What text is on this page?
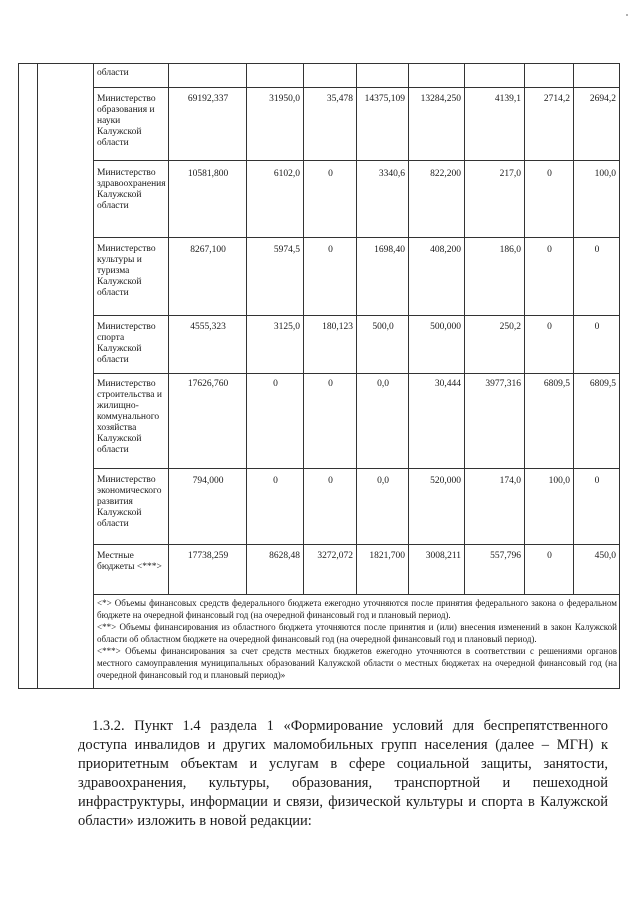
		области								
		Министерство образования и науки Калужской области	69192,337	31950,0	35,478	14375,109	13284,250	4139,1	2714,2	2694,2
		Министерство здравоохранения Калужской области	10581,800	6102,0	0	3340,6	822,200	217,0	0	100,0
		Министерство культуры и туризма Калужской области	8267,100	5974,5	0	1698,40	408,200	186,0	0	0
		Министерство спорта Калужской области	4555,323	3125,0	180,123	500,0	500,000	250,2	0	0
		Министерство строительства и жилищно-коммунального хозяйства Калужской области	17626,760	0	0	0,0	30,444	3977,316	6809,5	6809,5
		Министерство экономического развития Калужской области	794,000	0	0	0,0	520,000	174,0	100,0	0
		Местные бюджеты <***>	17738,259	8628,48	3272,072	1821,700	3008,211	557,796	0	450,0

		<*> Объемы финансовых средств федерального бюджета ежегодно уточняются после принятия федерального закона о федеральном бюджете на очередной финансовый год (на очередной финансовый год и плановый период).

<**> Объемы финансирования из областного бюджета уточняются после принятия и (или) внесения изменений в закон Калужской области об областном бюджете на очередной финансовый год (на очередной финансовый год и плановый период).

<***> Объемы финансирования за счет средств местных бюджетов ежегодно уточняются в соответствии с решениями органов местного самоуправления муниципальных образований Калужской области о местных бюджетах на очередной финансовый год (на очередной финансовый год и плановый период)»								

1.3.2. Пункт 1.4 раздела 1 «Формирование условий для беспрепятственного доступа инвалидов и других маломобильных групп населения (далее – МГН) к приоритетным объектам и услугам в сфере социальной защиты, занятости, здравоохранения, культуры, образования, транспортной и пешеходной инфраструктуры, информации и связи, физической культуры и спорта в Калужской области» изложить в новой редакции:
